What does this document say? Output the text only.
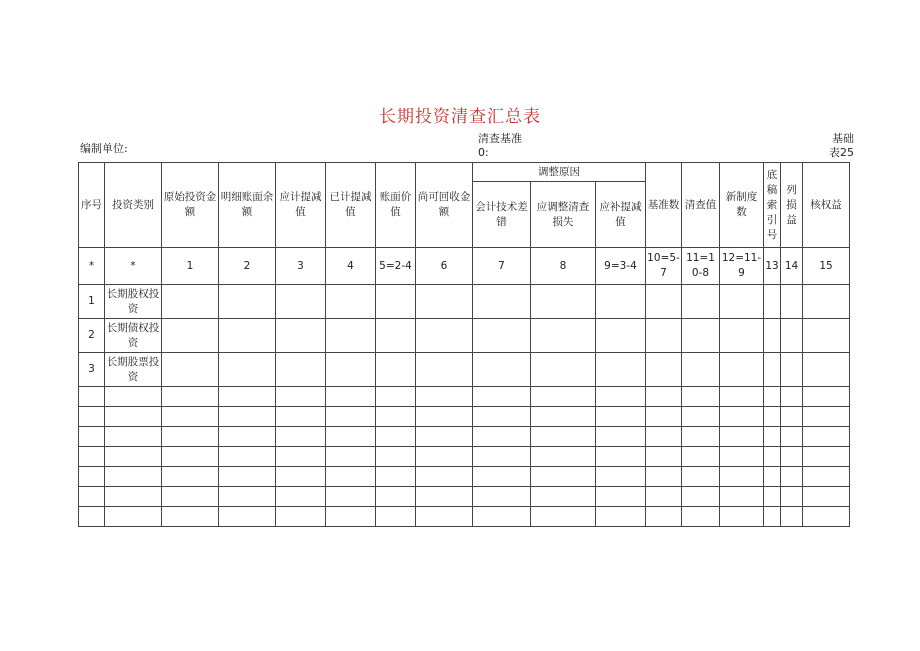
长期投资清查汇总表
编制单位:
清查基准
0:
基础
表25
序号	投资类别	原始投资金额	明细账面余额	应计提减值	已计提减值	账面价值	尚可回收金额	调整原因			基准数	清查值	新制度数	底稿索引号	列损益	核权益
								会计技术差错	应调整清查损失	应补提减值						
*	*	1	2	3	4	5=2-4	6	7	8	9=3-4	10=5-7	11=10-8	12=11-9	13	14	15
1	长期股权投资															
2	长期债权投资															
3	长期股票投资															
